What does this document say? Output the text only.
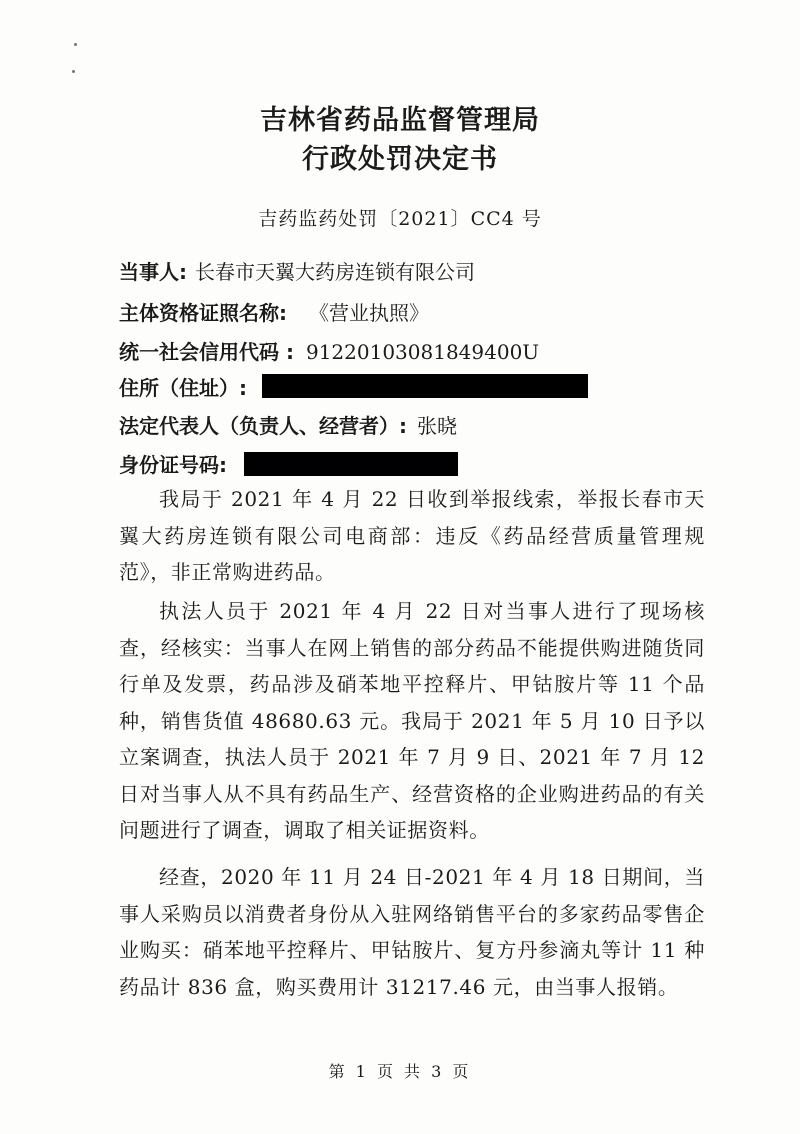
吉林省药品监督管理局
行政处罚决定书
吉药监药处罚〔2021〕CC4 号
当事人: 长春市天翼大药房连锁有限公司
主体资格证照名称: 《营业执照》
统一社会信用代码 : 91220103081849400U
住所（住址）:
法定代表人（负责人、经营者）: 张晓
身份证号码:

我局于 2021 年 4 月 22 日收到举报线索，举报长春市天翼大药房连锁有限公司电商部：违反《药品经营质量管理规范》，非正常购进药品。

执法人员于 2021 年 4 月 22 日对当事人进行了现场核查，经核实：当事人在网上销售的部分药品不能提供购进随货同行单及发票，药品涉及硝苯地平控释片、甲钴胺片等 11 个品种，销售货值 48680.63 元。我局于 2021 年 5 月 10 日予以立案调查，执法人员于 2021 年 7 月 9 日、2021 年 7 月 12 日对当事人从不具有药品生产、经营资格的企业购进药品的有关问题进行了调查，调取了相关证据资料。

经查，2020 年 11 月 24 日-2021 年 4 月 18 日期间，当事人采购员以消费者身份从入驻网络销售平台的多家药品零售企业购买：硝苯地平控释片、甲钴胺片、复方丹参滴丸等计 11 种药品计 836 盒，购买费用计 31217.46 元，由当事人报销。

第 1 页 共 3 页
